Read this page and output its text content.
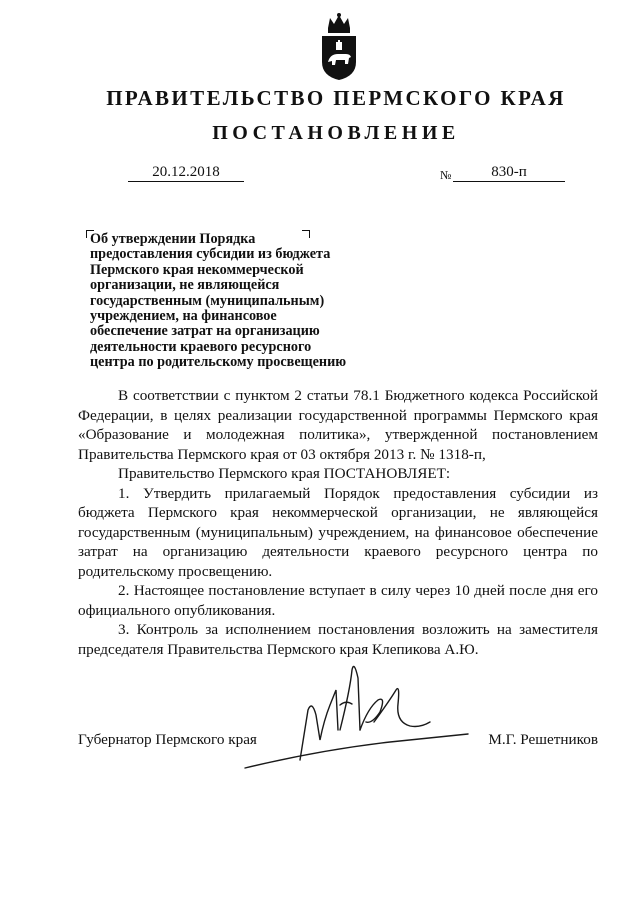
ПРАВИТЕЛЬСТВО ПЕРМСКОГО КРАЯ
ПОСТАНОВЛЕНИЕ
20.12.2018	№	830-п
Об утверждении Порядка
предоставления субсидии из бюджета
Пермского края некоммерческой
организации, не являющейся
государственным (муниципальным)
учреждением, на финансовое
обеспечение затрат на организацию
деятельности краевого ресурсного
центра по родительскому просвещению

В соответствии с пунктом 2 статьи 78.1 Бюджетного кодекса Российской Федерации, в целях реализации государственной программы Пермского края «Образование и молодежная политика», утвержденной постановлением Правительства Пермского края от 03 октября 2013 г. № 1318-п,

Правительство Пермского края ПОСТАНОВЛЯЕТ:

1. Утвердить прилагаемый Порядок предоставления субсидии из бюджета Пермского края некоммерческой организации, не являющейся государственным (муниципальным) учреждением, на финансовое обеспечение затрат на организацию деятельности краевого ресурсного центра по родительскому просвещению.

2. Настоящее постановление вступает в силу через 10 дней после дня его официального опубликования.

3. Контроль за исполнением постановления возложить на заместителя председателя Правительства Пермского края Клепикова А.Ю.

Губернатор Пермского края	М.Г. Решетников
